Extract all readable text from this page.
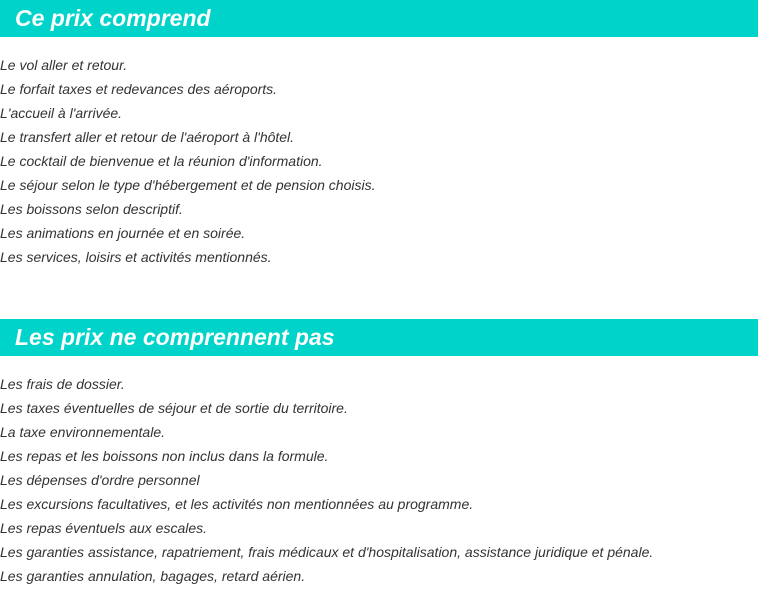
Ce prix comprend
Le vol aller et retour.
Le forfait taxes et redevances des aéroports.
L'accueil à l'arrivée.
Le transfert aller et retour de l'aéroport à l'hôtel.
Le cocktail de bienvenue et la réunion d'information.
Le séjour selon le type d'hébergement et de pension choisis.
Les boissons selon descriptif.
Les animations en journée et en soirée.
Les services, loisirs et activités mentionnés.
Les prix ne comprennent pas
Les frais de dossier.
Les taxes éventuelles de séjour et de sortie du territoire.
La taxe environnementale.
Les repas et les boissons non inclus dans la formule.
Les dépenses d'ordre personnel
Les excursions facultatives, et les activités non mentionnées au programme.
Les repas éventuels aux escales.
Les garanties assistance, rapatriement, frais médicaux et d'hospitalisation, assistance juridique et pénale.
Les garanties annulation, bagages, retard aérien.
